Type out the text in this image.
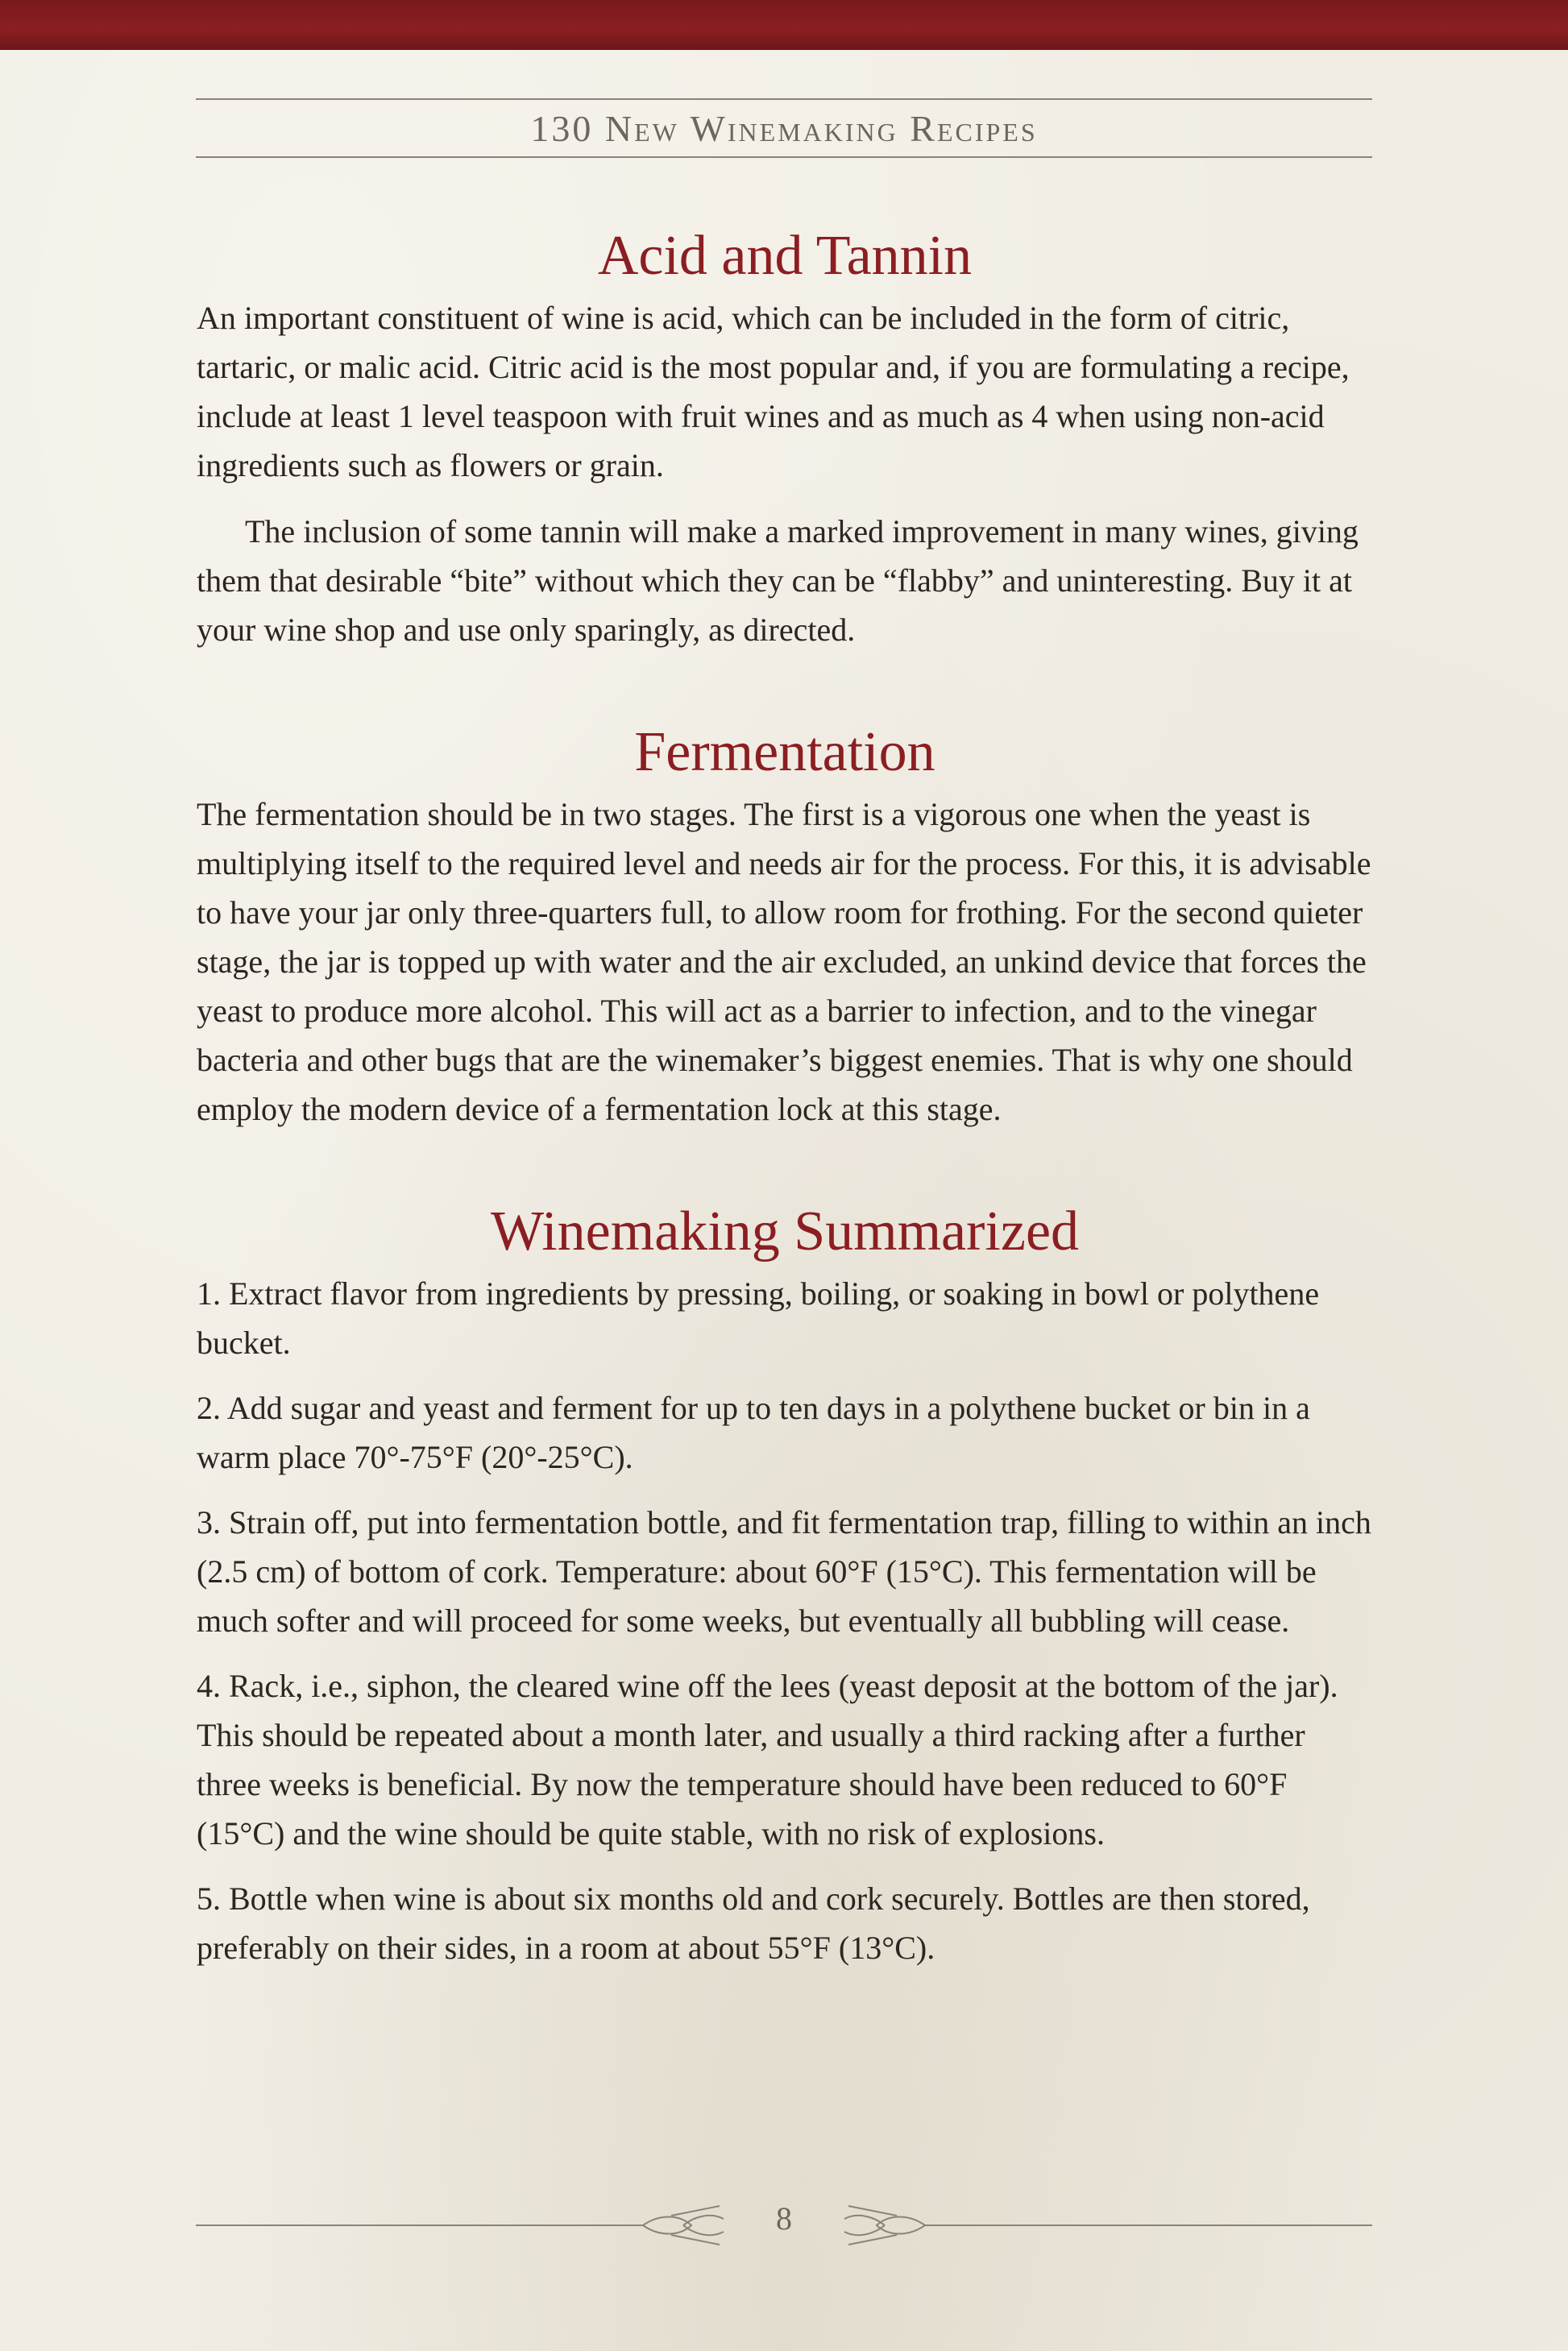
130 New Winemaking Recipes
Acid and Tannin

An important constituent of wine is acid, which can be included in the form of citric, tartaric, or malic acid. Citric acid is the most popular and, if you are formulating a recipe, include at least 1 level teaspoon with fruit wines and as much as 4 when using non-acid ingredients such as flowers or grain.

The inclusion of some tannin will make a marked improvement in many wines, giving them that desirable “bite” without which they can be “flabby” and uninteresting. Buy it at your wine shop and use only sparingly, as directed.

Fermentation

The fermentation should be in two stages. The first is a vigorous one when the yeast is multiplying itself to the required level and needs air for the process. For this, it is advisable to have your jar only three-quarters full, to allow room for frothing. For the second quieter stage, the jar is topped up with water and the air excluded, an unkind device that forces the yeast to produce more alcohol. This will act as a barrier to infection, and to the vinegar bacteria and other bugs that are the winemaker’s biggest enemies. That is why one should employ the modern device of a fermentation lock at this stage.

Winemaking Summarized

1. Extract flavor from ingredients by pressing, boiling, or soaking in bowl or polythene bucket.

2. Add sugar and yeast and ferment for up to ten days in a polythene bucket or bin in a warm place 70°-75°F (20°-25°C).

3. Strain off, put into fermentation bottle, and fit fermentation trap, filling to within an inch (2.5 cm) of bottom of cork. Temperature: about 60°F (15°C). This fermentation will be much softer and will proceed for some weeks, but eventually all bubbling will cease.

4. Rack, i.e., siphon, the cleared wine off the lees (yeast deposit at the bottom of the jar). This should be repeated about a month later, and usually a third racking after a further three weeks is beneficial. By now the temperature should have been reduced to 60°F (15°C) and the wine should be quite stable, with no risk of explosions.

5. Bottle when wine is about six months old and cork securely. Bottles are then stored, preferably on their sides, in a room at about 55°F (13°C).

8
